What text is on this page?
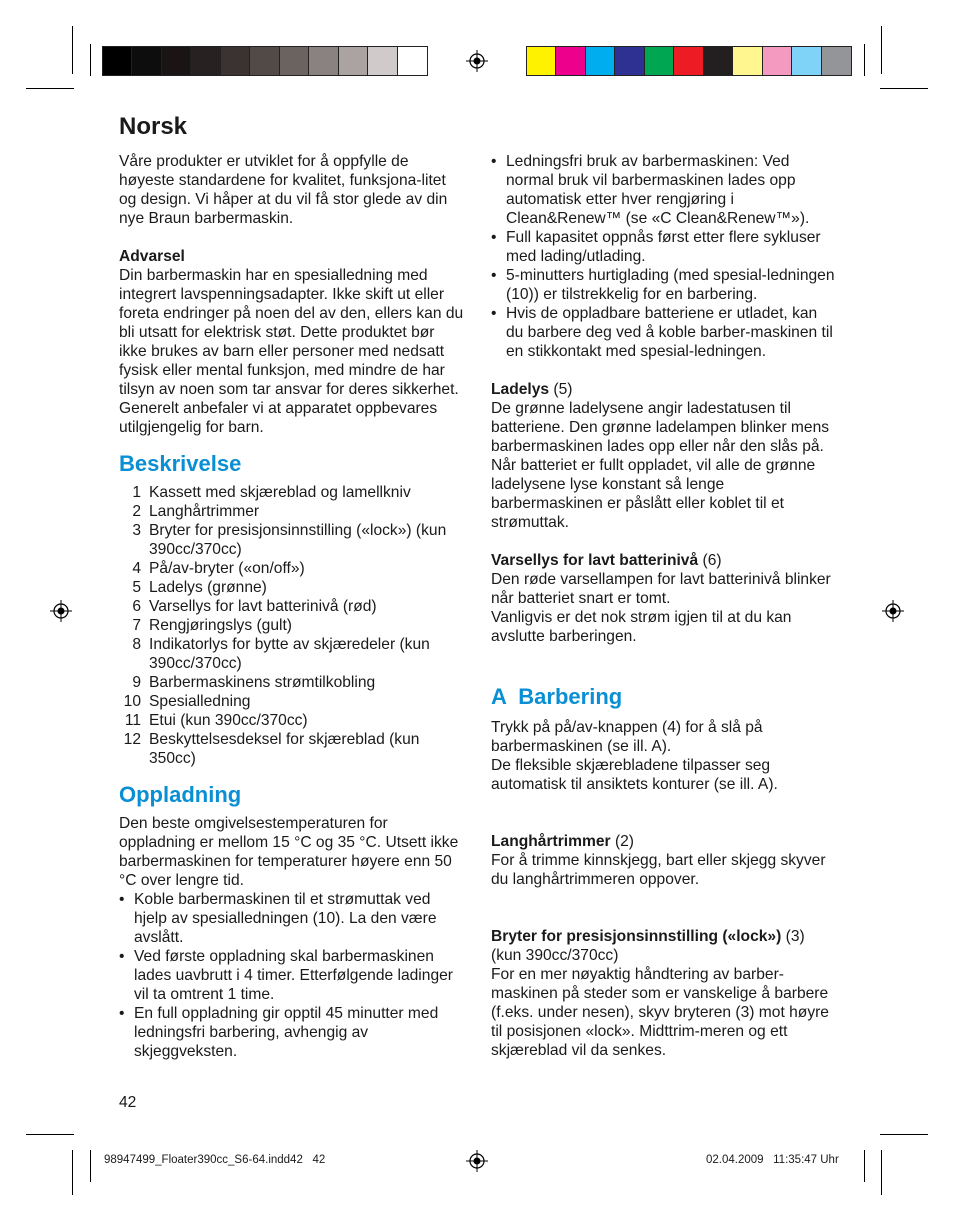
Norsk

Våre produkter er utviklet for å oppfylle de høyeste standardene for kvalitet, funksjona-litet og design. Vi håper at du vil få stor glede av din nye Braun barbermaskin.

Advarsel

Din barbermaskin har en spesialledning med integrert lavspenningsadapter. Ikke skift ut eller foreta endringer på noen del av den, ellers kan du bli utsatt for elektrisk støt. Dette produktet bør ikke brukes av barn eller personer med nedsatt fysisk eller mental funksjon, med mindre de har tilsyn av noen som tar ansvar for deres sikkerhet. Generelt anbefaler vi at apparatet oppbevares utilgjengelig for barn.

Beskrivelse
1 Kassett med skjæreblad og lamellkniv
2 Langhårtrimmer
3 Bryter for presisjonsinnstilling («lock») (kun 390cc/370cc)
4 På/av-bryter («on/off»)
5 Ladelys (grønne)
6 Varsellys for lavt batterinivå (rød)
7 Rengjøringslys (gult)
8 Indikatorlys for bytte av skjæredeler (kun 390cc/370cc)
9 Barbermaskinens strømtilkobling
10 Spesialledning
11 Etui (kun 390cc/370cc)
12 Beskyttelsesdeksel for skjæreblad (kun 350cc)
Oppladning

Den beste omgivelsestemperaturen for oppladning er mellom 15 °C og 35 °C. Utsett ikke barbermaskinen for temperaturer høyere enn 50 °C over lengre tid.

• Koble barbermaskinen til et strømuttak ved hjelp av spesialledningen (10). La den være avslått.
• Ved første oppladning skal barbermaskinen lades uavbrutt i 4 timer. Etterfølgende ladinger vil ta omtrent 1 time.
• En full oppladning gir opptil 45 minutter med ledningsfri barbering, avhengig av skjeggveksten.
42
• Ledningsfri bruk av barbermaskinen: Ved normal bruk vil barbermaskinen lades opp automatisk etter hver rengjøring i Clean&Renew™ (se «C Clean&Renew™»).
• Full kapasitet oppnås først etter flere sykluser med lading/utlading.
• 5-minutters hurtiglading (med spesial-ledningen (10)) er tilstrekkelig for en barbering.
• Hvis de oppladbare batteriene er utladet, kan du barbere deg ved å koble barber-maskinen til en stikkontakt med spesial-ledningen.

Ladelys (5)

De grønne ladelysene angir ladestatusen til batteriene. Den grønne ladelampen blinker mens barbermaskinen lades opp eller når den slås på. Når batteriet er fullt oppladet, vil alle de grønne ladelysene lyse konstant så lenge barbermaskinen er påslått eller koblet til et strømuttak.

Varsellys for lavt batterinivå (6)

Den røde varsellampen for lavt batterinivå blinker når batteriet snart er tomt.

Vanligvis er det nok strøm igjen til at du kan avslutte barberingen.

A  Barbering

Trykk på på/av-knappen (4) for å slå på barbermaskinen (se ill. A).

De fleksible skjærebladene tilpasser seg automatisk til ansiktets konturer (se ill. A).

Langhårtrimmer (2)

For å trimme kinnskjegg, bart eller skjegg skyver du langhårtrimmeren oppover.

Bryter for presisjonsinnstilling («lock») (3)

(kun 390cc/370cc)

For en mer nøyaktig håndtering av barber-maskinen på steder som er vanskelige å barbere (f.eks. under nesen), skyv bryteren (3) mot høyre til posisjonen «lock». Midttrim-meren og ett skjæreblad vil da senkes.

98947499_Floater390cc_S6-64.indd42   42	02.04.2009   11:35:47 Uhr
